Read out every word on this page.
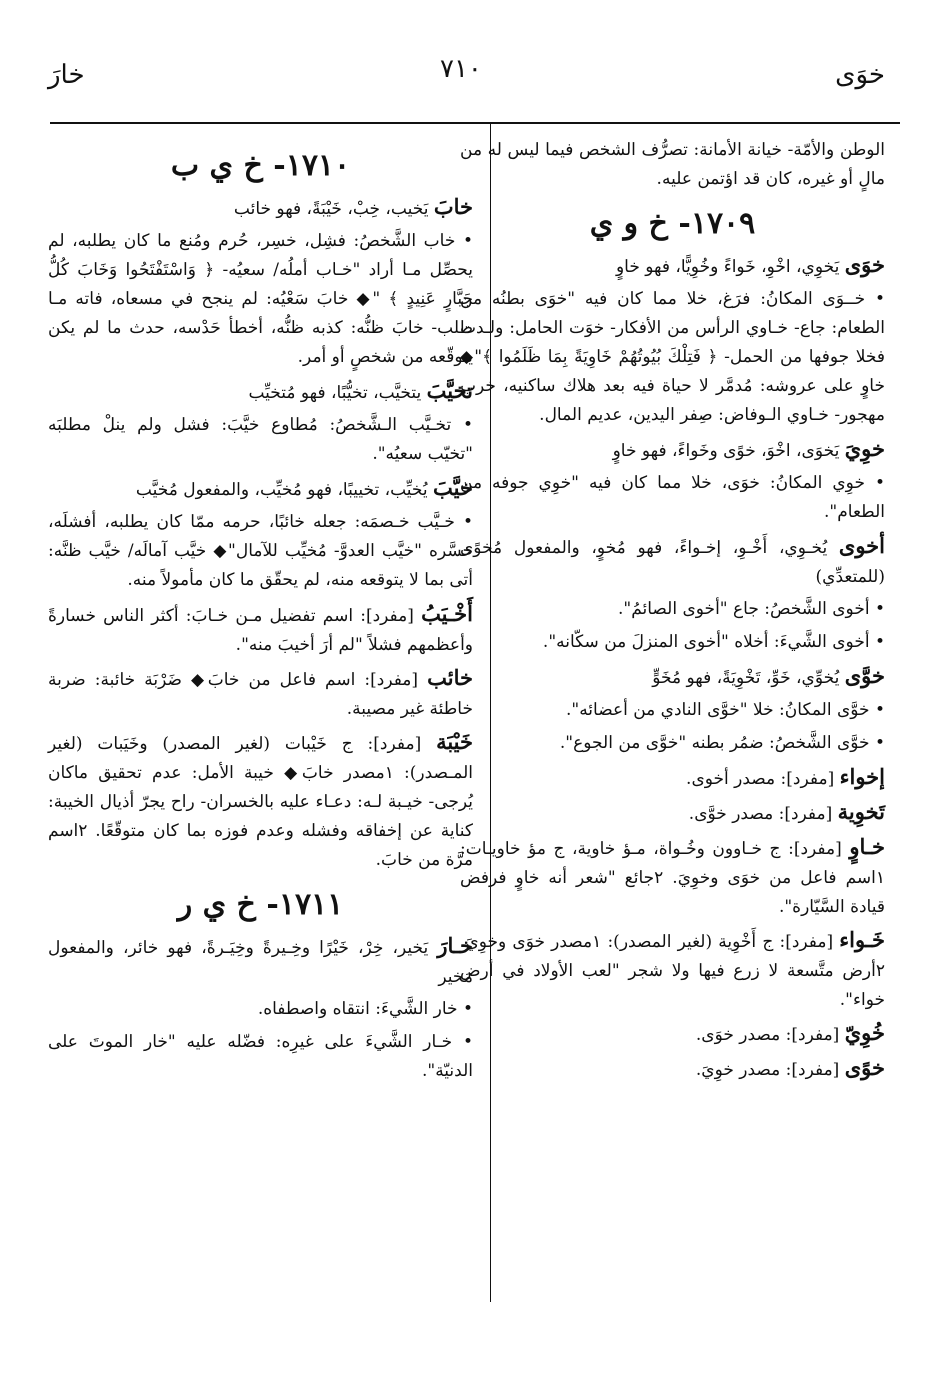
خوَى
٧١٠
خارَ

الوطن والأمّة- خيانة الأمانة: تصرُّف الشخص فيما ليس له من مالٍ أو غيره، كان قد اؤتمن عليه.

١٧٠٩- خ و ي

خوَى يَخوِي، اخْوِ، خَواءً وخُوِيًّا، فهو خاوٍ

• خــوَى المكانُ: فرَغ، خلا مما كان فيه "خوَى بطنُه من الطعام: جاع- خـاوي الرأس من الأفكار- خوَت الحامل: ولـدت فخلا جوفها من الحمل- ﴿ فَتِلْكَ بُيُوتُهُمْ خَاوِيَةً بِمَا ظَلَمُوا ﴾"◆ خاوٍ على عروشه: مُدمَّر لا حياة فيه بعد هلاك ساكنيه، خرب مهجور- خـاوي الـوفاض: صِفر اليدين، عديم المال.

خوِيَ يَخوَى، اخْوَ، خوًى وخَواءً، فهو خاوٍ

• خوِي المكانُ: خوَى، خلا مما كان فيه "خوِي جوفه من الطعام".

أخوى يُخـوِي، أَخْـوِ، إخـواءً، فهو مُخوٍ، والمفعول مُخوًى (للمتعدِّي)

• أخوى الشَّخصُ: جاع "أخوى الصائمُ".

• أخوى الشَّيءَ: أخلاه "أخوى المنزلَ من سكّانه".

خوَّى يُخوِّي، خَوِّ، تَخْوِيَةً، فهو مُخَوٍّ

• خوَّى المكانُ: خلا "خوَّى النادي من أعضائه".

• خوَّى الشَّخصُ: ضمُر بطنه "خوَّى من الجوع".

إخواء [مفرد]: مصدر أخوى.

تَخوِية [مفرد]: مصدر خوَّى.

خـاوٍ [مفرد]: ج خـاوون وخُـواة، مـؤ خاوية، ج مؤ خاويـات: ١اسم فاعل من خوَى وخوِيَ. ٢جائع "شعر أنه خاوٍ فرفض قيادة السَّيّارة".

خَـواء [مفرد]: ج أَخْوِية (لغير المصدر): ١مصدر خوَى وخوِيَ. ٢أرض متَّسعة لا زرع فيها ولا شجر "لعب الأولاد في أرض خواء".

خُوِيّ [مفرد]: مصدر خوَى.

خوًى [مفرد]: مصدر خوِيَ.

١٧١٠- خ ي ب

خابَ يَخيب، خِبْ، خَيْبَةً، فهو خائب

• خاب الشَّخصُ: فشِل، خسِر، حُرم ومُنع ما كان يطلبه، لم يحصِّل مـا أراد "خـاب أملُه/ سعيُه- ﴿ وَاسْتَفْتَحُوا وَخَابَ كُلُّ جَبَّارٍ عَنِيدٍ ﴾ "◆ خابَ سَعْيُه: لم ينجح في مسعاه، فاته مـا طلب- خابَ ظنُّه: كذبه ظنُّه، أخطأ حَدْسه، حدث ما لم يكن يتوقّعه من شخصٍ أو أمر.

تخيَّبَ يتخيَّب، تخيُّبًا، فهو مُتخيِّب

• تخـيَّب الـشَّخصُ: مُطاوع خيَّبَ: فشل ولم ينلْ مطلبَه "تخيّب سعيُه".

خيَّبَ يُخيِّب، تخييبًا، فهو مُخيِّب، والمفعول مُخيَّب

• خـيَّب خـصمَه: جعله خائبًا، حرمه ممّا كان يطلبه، أفشلَه، خسَّره "خيَّب العدوَّ- مُخيِّب للآمال"◆ خيَّب آمالَه/ خيَّب ظنَّه: أتى بما لا يتوقعه منه، لم يحقّق ما كان مأمولاً منه.

أَخْـيَبُ [مفرد]: اسم تفضيل مـن خـابَ: أكثر الناس خسارةً وأعظمهم فشلاً "لم أرَ أخيبَ منه".

خائب [مفرد]: اسم فاعل من خابَ◆ ضَرْبَة خائبة: ضربة خاطئة غير مصيبة.

خَيْبَة [مفرد]: ج خَيْبات (لغير المصدر) وخَيَبات (لغير المـصدر): ١مصدر خابَ◆ خيبة الأمل: عدم تحقيق ماكان يُرجى- خيـبة لـه: دعـاء عليه بالخسران- راح يجرّ أذيال الخيبة: كناية عن إخفاقه وفشله وعدم فوزه بما كان متوقّعًا. ٢اسم مرَّة من خابَ.

١٧١١- خ ي ر

خـارَ يَخير، خِرْ، خَيْرًا وخِـيرةً وخِيَـرةً، فهو خائر، والمفعول مَخير

• خار الشَّيءَ: انتقاه واصطفاه.

• خـار الشَّيءَ على غيرِه: فضّله عليه "خار الموتَ على الدنيّة".
